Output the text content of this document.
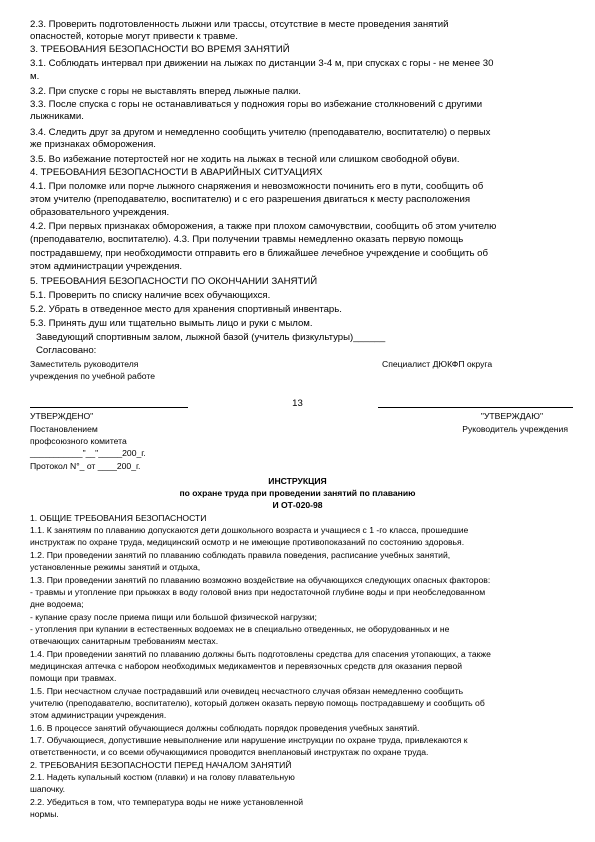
2.3. Проверить подготовленность лыжни или трассы, отсутствие в месте проведения занятий
опасностей, которые могут привести к травме.
3. ТРЕБОВАНИЯ БЕЗОПАСНОСТИ ВО ВРЕМЯ ЗАНЯТИЙ
3.1. Соблюдать интервал при движении на лыжах по дистанции 3-4 м, при спусках с горы - не менее 30
м.
3.2. При спуске с горы не выставлять вперед лыжные палки.
3.3. После спуска с горы не останавливаться у подножия горы во избежание столкновений с другими
лыжниками.
3.4. Следить друг за другом и немедленно сообщить учителю (преподавателю, воспитателю) о первых
же признаках обморожения.
3.5. Во избежание потертостей ног не ходить на лыжах в тесной или слишком свободной обуви.
4. ТРЕБОВАНИЯ БЕЗОПАСНОСТИ В АВАРИЙНЫХ СИТУАЦИЯХ
4.1. При поломке или порче лыжного снаряжения и невозможности починить его в пути, сообщить об
этом учителю (преподавателю, воспитателю) и с его разрешения двигаться к месту расположения
образовательного учреждения.
4.2. При первых признаках обморожения, а также при плохом самочувствии, сообщить об этом учителю
(преподавателю, воспитателю). 4.3. При получении травмы немедленно оказать первую помощь
пострадавшему, при необходимости отправить его в ближайшее лечебное учреждение и сообщить об
этом администрации учреждения.
5. ТРЕБОВАНИЯ БЕЗОПАСНОСТИ ПО ОКОНЧАНИИ ЗАНЯТИЙ
5.1. Проверить по списку наличие всех обучающихся.
5.2. Убрать в отведенное место для хранения спортивный инвентарь.
5.3. Принять душ или тщательно вымыть лицо и руки с мылом.
Заведующий спортивным залом, лыжной базой (учитель физкультуры)______
Согласовано:
Заместитель руководителя
учреждения по учебной работе
Специалист ДЮКФП округа
13
УТВЕРЖДЕНО"	"УТВЕРЖДАЮ"
Постановлением	Руководитель учреждения
профсоюзного комитета
___________"__"_____200_г.
Протокол N°_ от ____200_г.
ИНСТРУКЦИЯ
по охране труда при проведении занятий по плаванию
И ОТ-020-98
1. ОБЩИЕ ТРЕБОВАНИЯ БЕЗОПАСНОСТИ
1.1. К занятиям по плаванию допускаются дети дошкольного возраста и учащиеся с 1 -го класса, прошедшие
инструктаж по охране труда, медицинский осмотр и не имеющие противопоказаний по состоянию здоровья.
1.2. При проведении занятий по плаванию соблюдать правила поведения, расписание учебных занятий,
установленные режимы занятий и отдыха,
1.3. При проведении занятий по плаванию возможно воздействие на обучающихся следующих опасных факторов:
- травмы и утопление при прыжках в воду головой вниз при недостаточной глубине воды и при необследованном
дне водоема;
- купание сразу после приема пищи или большой физической нагрузки;
- утопления при купании в естественных водоемах не в специально отведенных, не оборудованных и не
отвечающих санитарным требованиям местах.
1.4. При проведении занятий по плаванию должны быть подготовлены средства для спасения утопающих, а также
медицинская аптечка с набором необходимых медикаментов и перевязочных средств для оказания первой
помощи при травмах.
1.5. При несчастном случае пострадавший или очевидец несчастного случая обязан немедленно сообщить
учителю (преподавателю, воспитателю), который должен оказать первую помощь пострадавшему и сообщить об
этом администрации учреждения.
1.6. В процессе занятий обучающиеся должны соблюдать порядок проведения учебных занятий.
1.7. Обучающиеся, допустившие невыполнение или нарушение инструкции по охране труда, привлекаются к
ответственности, и со всеми обучающимися проводится внеплановый инструктаж по охране труда.
2. ТРЕБОВАНИЯ БЕЗОПАСНОСТИ ПЕРЕД НАЧАЛОМ ЗАНЯТИЙ
2.1. Надеть купальный костюм (плавки) и на голову плавательную
шапочку.
2.2. Убедиться в том, что температура воды не ниже установленной
нормы.
